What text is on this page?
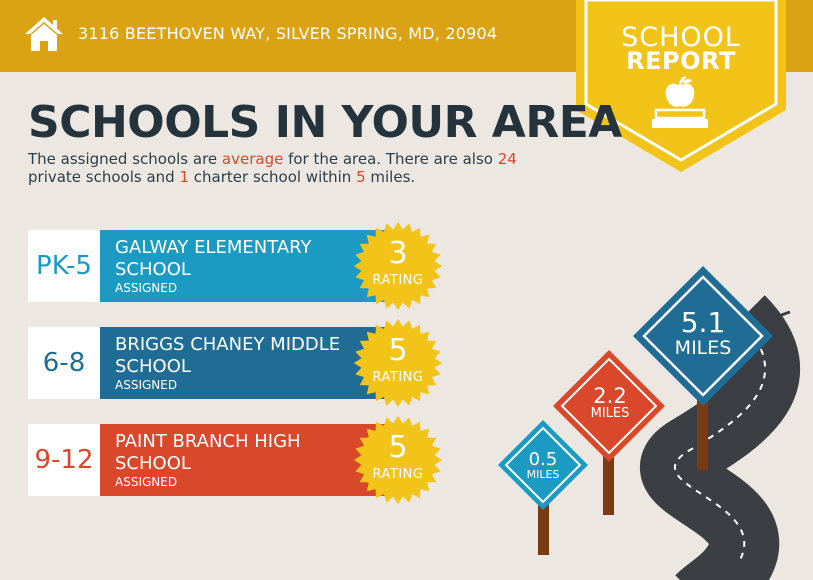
3116 BEETHOVEN WAY, SILVER SPRING, MD, 20904	SCHOOL
REPORT
SCHOOLS IN YOUR AREA
The assigned schools are average for the area. There are also 24
private schools and 1 charter school within 5 miles.
PK-5
GALWAY ELEMENTARY SCHOOL
ASSIGNED
3
RATING
6-8
BRIGGS CHANEY MIDDLE SCHOOL
ASSIGNED
5
RATING
9-12
PAINT BRANCH HIGH SCHOOL
ASSIGNED
5
RATING
0.5
MILES
2.2
MILES
5.1
MILES
